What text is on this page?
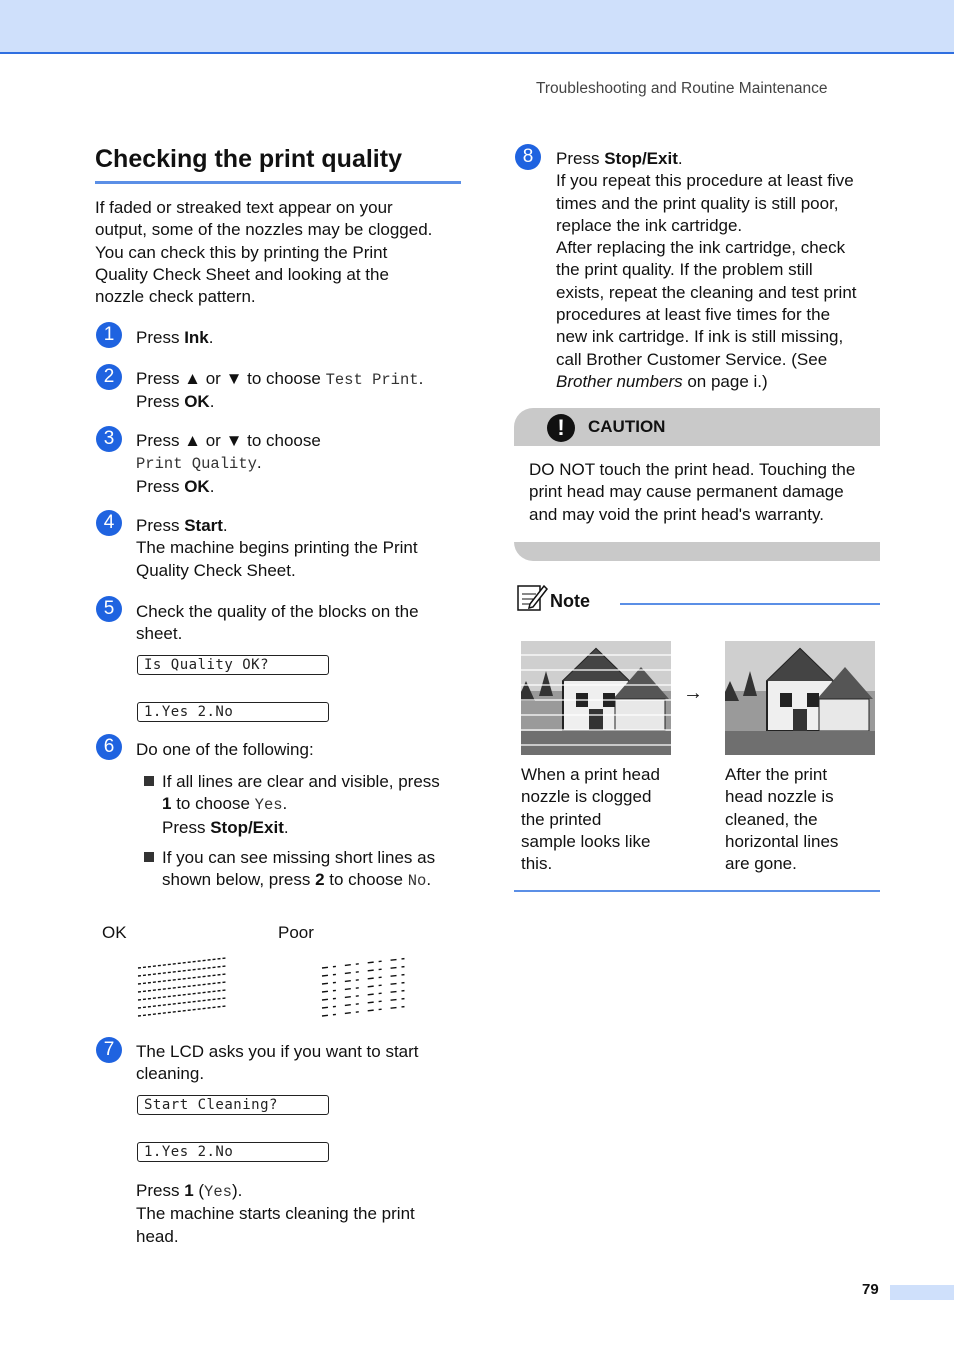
Troubleshooting and Routine Maintenance
Checking the print quality
If faded or streaked text appear on your
output, some of the nozzles may be clogged.
You can check this by printing the Print
Quality Check Sheet and looking at the
nozzle check pattern.
1	Press Ink.
2	Press ▲ or ▼ to choose Test Print.
Press OK.
3	Press ▲ or ▼ to choose
Print Quality.
Press OK.
4	Press Start.
The machine begins printing the Print
Quality Check Sheet.
5	Check the quality of the blocks on the
sheet.
Is Quality OK?
1.Yes 2.No
6	Do one of the following:
If all lines are clear and visible, press
1 to choose Yes.
Press Stop/Exit.
If you can see missing short lines as
shown below, press 2 to choose No.
OK	Poor
7	The LCD asks you if you want to start
cleaning.
Start Cleaning?
1.Yes 2.No
Press 1 (Yes).
The machine starts cleaning the print
head.
8	Press Stop/Exit.
If you repeat this procedure at least five
times and the print quality is still poor,
replace the ink cartridge.
After replacing the ink cartridge, check
the print quality. If the problem still
exists, repeat the cleaning and test print
procedures at least five times for the
new ink cartridge. If ink is still missing,
call Brother Customer Service. (See
Brother numbers on page i.)
!	CAUTION
DO NOT touch the print head. Touching the
print head may cause permanent damage
and may void the print head's warranty.
Note
→
When a print head
nozzle is clogged
the printed
sample looks like
this.
After the print
head nozzle is
cleaned, the
horizontal lines
are gone.
79
